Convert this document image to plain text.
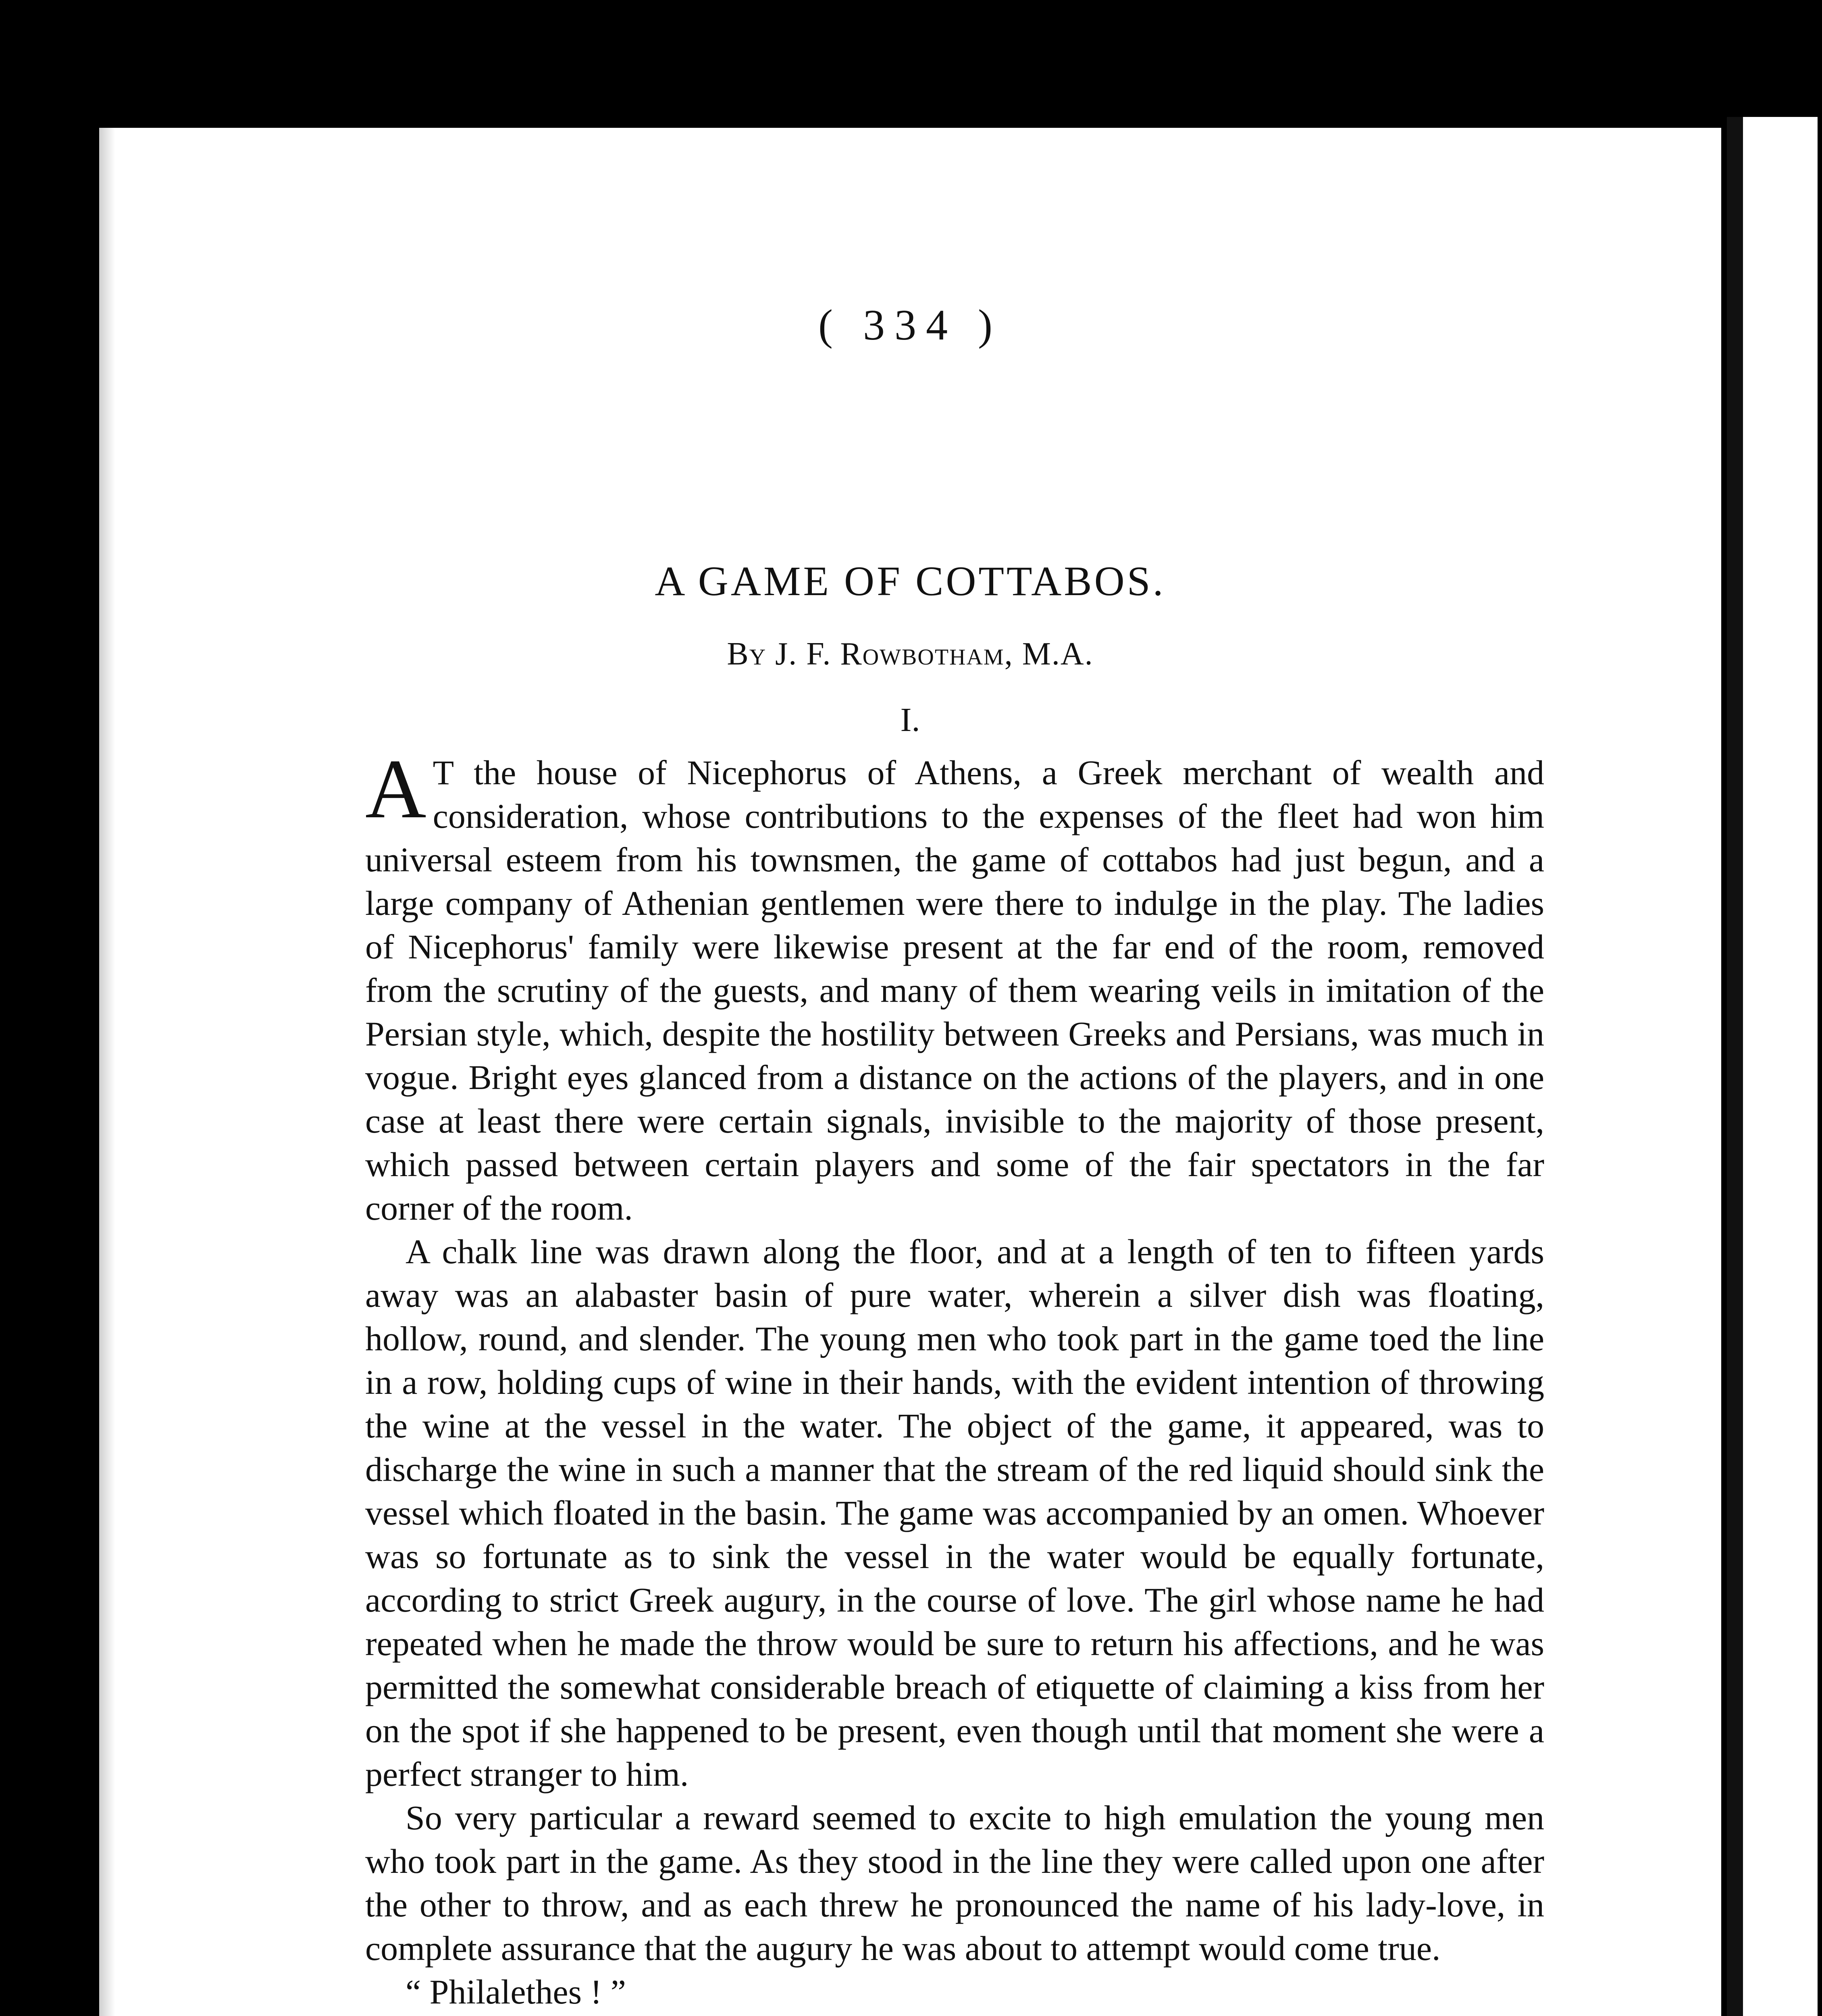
( 334 )
A GAME OF COTTABOS.
By J. F. Rowbotham, M.A.
I.

A T the house of Nicephorus of Athens, a Greek merchant of wealth and consideration, whose contributions to the expenses of the fleet had won him universal esteem from his townsmen, the game of cottabos had just begun, and a large company of Athenian gentlemen were there to indulge in the play. The ladies of Nicephorus' family were likewise present at the far end of the room, removed from the scrutiny of the guests, and many of them wearing veils in imitation of the Persian style, which, despite the hostility between Greeks and Persians, was much in vogue. Bright eyes glanced from a distance on the actions of the players, and in one case at least there were certain signals, invisible to the majority of those present, which passed between certain players and some of the fair spectators in the far corner of the room.

A chalk line was drawn along the floor, and at a length of ten to fifteen yards away was an alabaster basin of pure water, wherein a silver dish was floating, hollow, round, and slender. The young men who took part in the game toed the line in a row, holding cups of wine in their hands, with the evident intention of throwing the wine at the vessel in the water. The object of the game, it appeared, was to discharge the wine in such a manner that the stream of the red liquid should sink the vessel which floated in the basin. The game was accompanied by an omen. Whoever was so fortunate as to sink the vessel in the water would be equally fortunate, according to strict Greek augury, in the course of love. The girl whose name he had repeated when he made the throw would be sure to return his affections, and he was permitted the somewhat considerable breach of etiquette of claiming a kiss from her on the spot if she happened to be present, even though until that moment she were a perfect stranger to him.

So very particular a reward seemed to excite to high emulation the young men who took part in the game. As they stood in the line they were called upon one after the other to throw, and as each threw he pronounced the name of his lady-love, in complete assurance that the augury he was about to attempt would come true.

“ Philalethes ! ”
